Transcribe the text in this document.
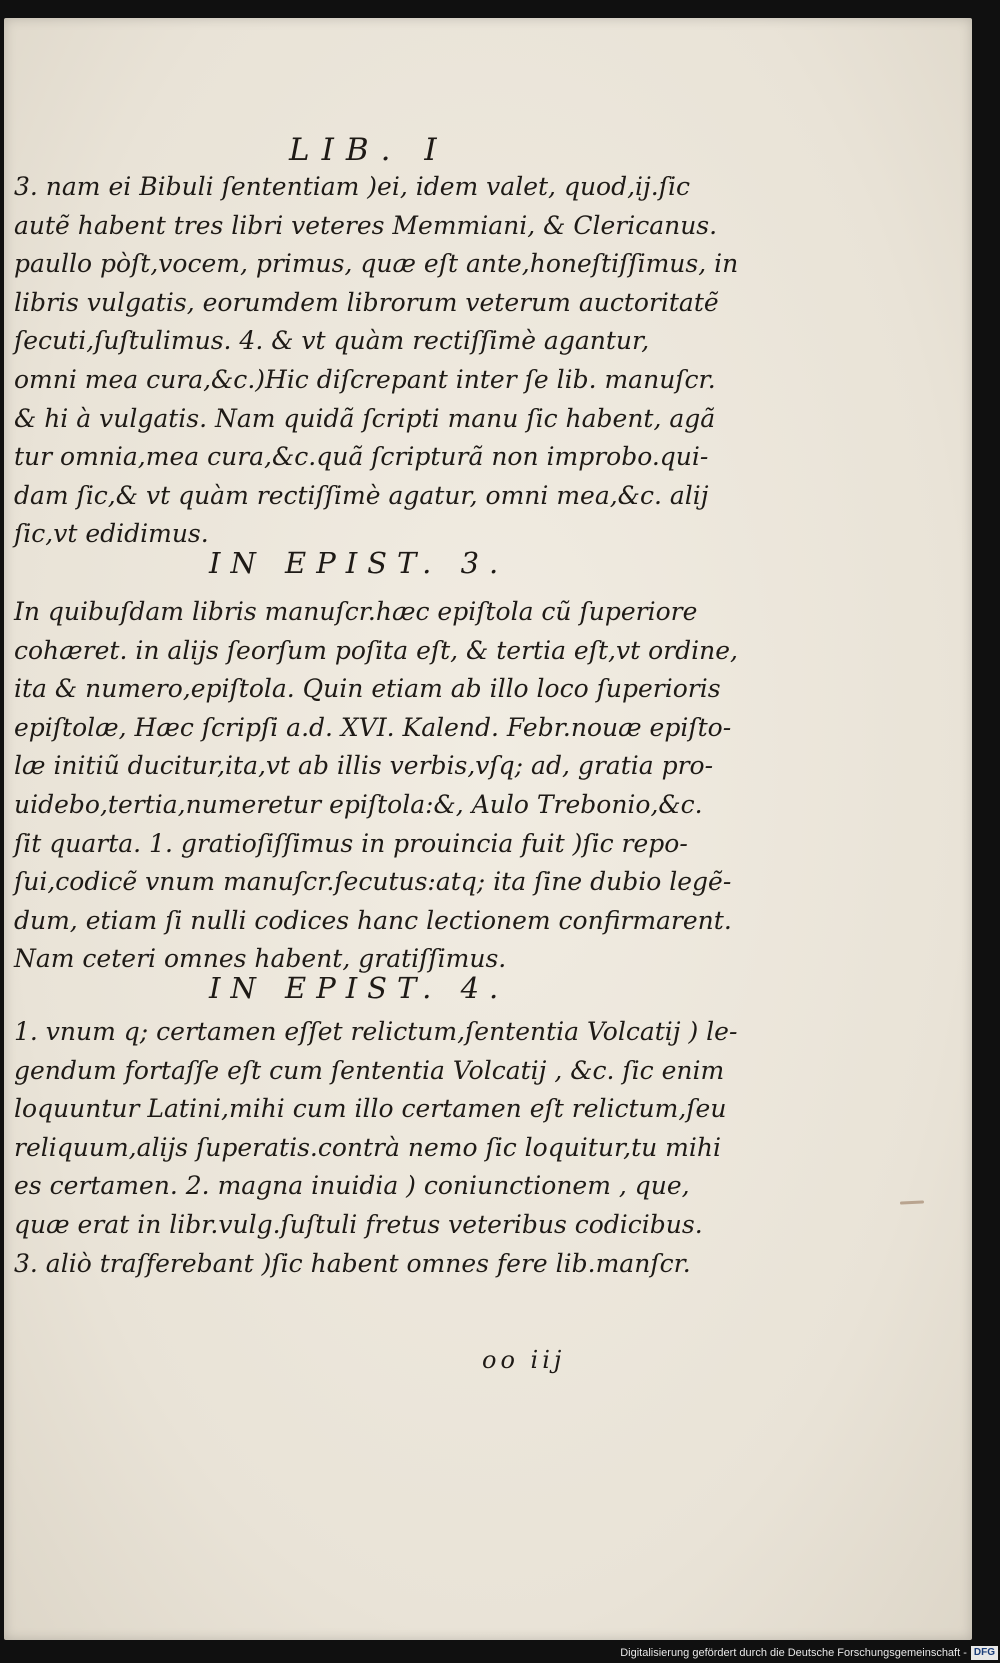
LIB. I
3. nam ei Bibuli ſententiam )ei, idem valet, quod,ij.ſic
autẽ habent tres libri veteres Memmiani, & Clericanus.
paullo pòſt,vocem, primus, quæ eſt ante,honeſtiſſimus, in
libris vulgatis, eorumdem librorum veterum auctoritatẽ
ſecuti,ſuſtulimus. 4. & vt quàm rectiſſimè agantur,
omni mea cura,&c.)Hic diſcrepant inter ſe lib. manuſcr.
& hi à vulgatis. Nam quidã ſcripti manu ſic habent, agã
tur omnia,mea cura,&c.quã ſcripturã non improbo.qui-
dam ſic,& vt quàm rectiſſimè agatur, omni mea,&c. alij
ſic,vt edidimus.
IN EPIST. 3.
In quibuſdam libris manuſcr.hæc epiſtola cũ ſuperiore
cohæret. in alijs ſeorſum poſita eſt, & tertia eſt,vt ordine,
ita & numero,epiſtola. Quin etiam ab illo loco ſuperioris
epiſtolæ, Hæc ſcripſi a.d. XVI. Kalend. Febr.nouæ epiſto-
læ initiũ ducitur,ita,vt ab illis verbis,vſq; ad, gratia pro-
uidebo,tertia,numeretur epiſtola:&, Aulo Trebonio,&c.
ſit quarta. 1. gratioſiſſimus in prouincia fuit )ſic repo-
ſui,codicẽ vnum manuſcr.ſecutus:atq; ita ſine dubio legẽ-
dum, etiam ſi nulli codices hanc lectionem confirmarent.
Nam ceteri omnes habent, gratiſſimus.
IN EPIST. 4.
1. vnum q; certamen eſſet relictum,ſententia Volcatij ) le-
gendum fortaſſe eſt cum ſententia Volcatij , &c. ſic enim
loquuntur Latini,mihi cum illo certamen eſt relictum,ſeu
reliquum,alijs ſuperatis.contrà nemo ſic loquitur,tu mihi
es certamen. 2. magna inuidia ) coniunctionem , que,
quæ erat in libr.vulg.ſuſtuli fretus veteribus codicibus.
3. aliò traſferebant )ſic habent omnes fere lib.manſcr.
oo iij
Digitalisierung gefördert durch die Deutsche Forschungsgemeinschaft - DFG
